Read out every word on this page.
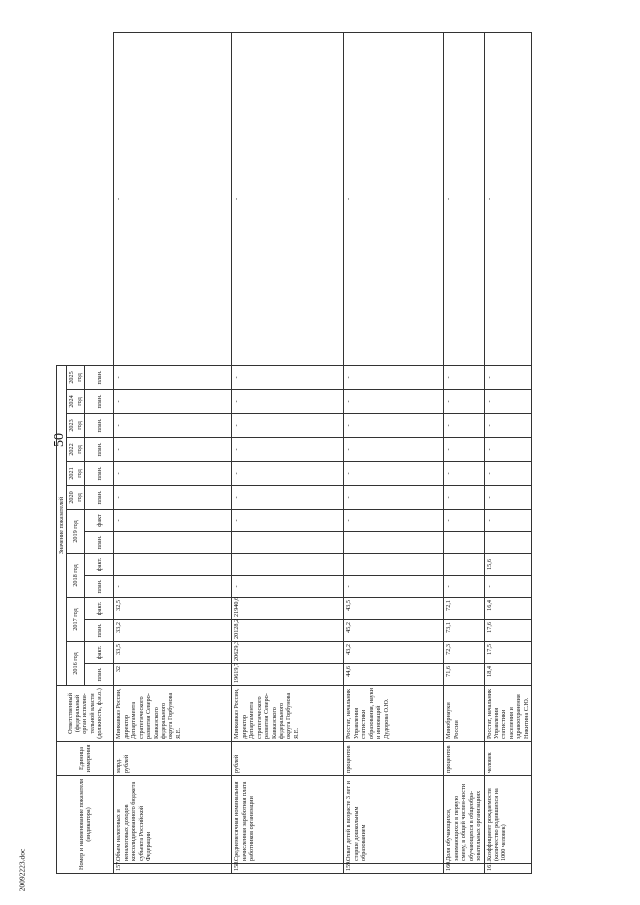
50
20092223.doc	Номер и наименование показателя (индикатора)		Единица измерения	Ответственный (федеральный орган исполни-тельной власти (должность, ф.и.о.)	Значение показателей														
				2016 год		2017 год		2018 год		2019 год		2020 год	2021 год	2022 год	2023 год	2024 год	2025 год	
				план.	факт.	план.	факт.	план.	факт.	план.	факт	план.	план.	план.	план.	план.	план.	
157.	Объем налоговых и неналоговых доходов консолидированного бюджета субъекта Российской Федерации	млрд. рублей	Минкавказ России, директор Департамента стратегического развития Северо-Кавказского федерального округа Горбунова Я.Е.	32	33,5	33,2	32,5	-			-	-	-	-	-	-	-	-
158.	Среднемесячная номинальная начисленная заработная плата работников организации	рублей	Минкавказ России, директор Департамента стратегического развития Северо-Кавказского федерального округа Горбунова Я.Е.	19619,7	20629,3	20128,2	21940,6	-			-	-	-	-	-	-	-	-
159.	Охват детей в возрасте 3 лет и старше дошкольным образованием	процентов	Росстат, начальник Управления статистики образования, науки и инноваций Дудорова О.Ю.	44,6	43,2	45,2	43,5	-			-	-	-	-	-	-	-	-
160.	Доля обучающихся, занимающихся в первую смену, в общей числен-ности обучающихся в общеобра-зовательных организациях	процентов	Минобрнауки России	71,6	72,3	73,1	72,1	-			-	-	-	-	-	-	-	-
161.	Коэффициент рождаемости (количество родившихся на 1000 человек)	человек	Росстат, начальник Управления статистики населения и здравоохранения Никитина С.Ю.	18,4	17,5	17,6	16,4	-	15,6		-	-	-	-	-	-	-	-
